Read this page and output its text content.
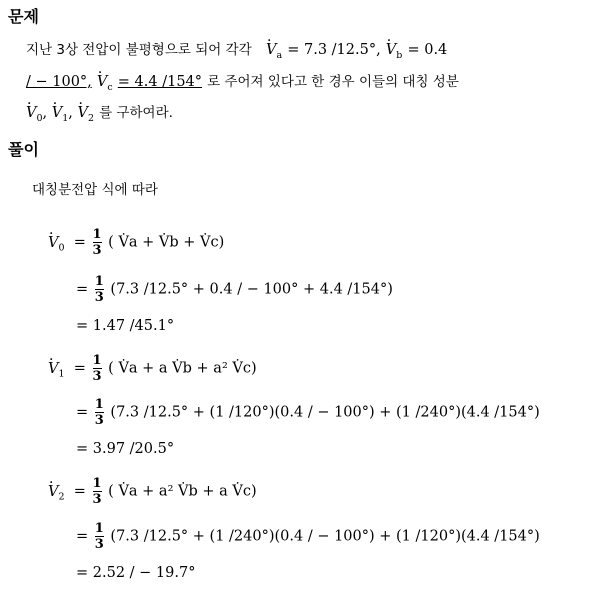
문제
지난 3상 전압이 불평형으로 되어 각각 · $V_a = 7.3$ /12.5°, · $V_b = 0.4$
/ − 100°, · $V_c = 4.4$ /154° 로 주어져 있다고 한 경우 이들의 대칭 성분
· $V_0$, · $V_1$, · $V_2$ 를 구하여라.
풀이
대칭분전압 식에 따라
· $V_0 = \frac{1}{3}$ ( V̇a + V̇b + V̇c)
= $\frac{1}{3} (7.3$ /12.5° + 0.4 / − 100° + 4.4 /154°)
= 1.47 /45.1°
· $V_1 = \frac{1}{3}$ ( V̇a + a V̇b + a² V̇c)
= $\frac{1}{3} (7.3$ /12.5° + (1 /120°)(0.4 / − 100°) + (1 /240°)(4.4 /154°)
= 3.97 /20.5°
· $V_2 = \frac{1}{3}$ ( V̇a + a² V̇b + a V̇c)
= $\frac{1}{3} (7.3$ /12.5° + (1 /240°)(0.4 / − 100°) + (1 /120°)(4.4 /154°)
= 2.52 / − 19.7°
